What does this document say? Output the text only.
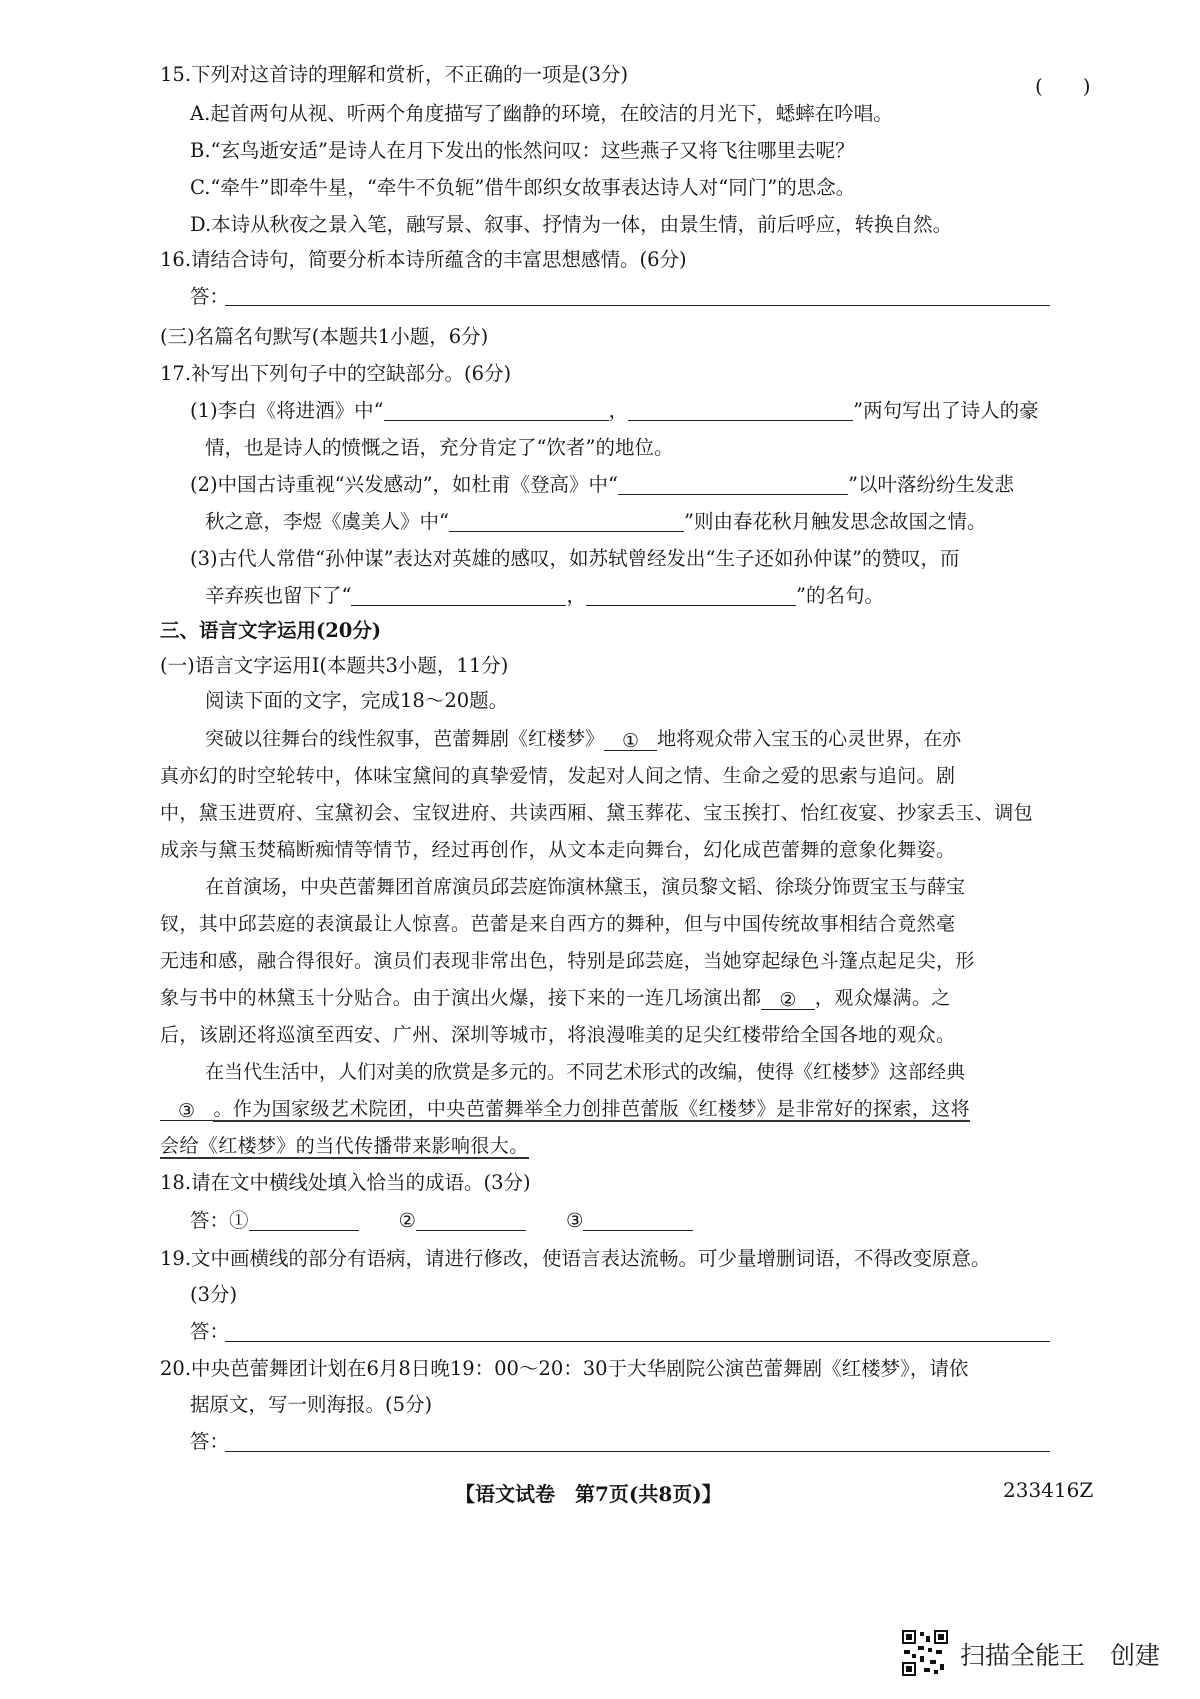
15.下列对这首诗的理解和赏析，不正确的一项是(3分)	(　　)
A.起首两句从视、听两个角度描写了幽静的环境，在皎洁的月光下，蟋蟀在吟唱。
B.“玄鸟逝安适”是诗人在月下发出的怅然问叹：这些燕子又将飞往哪里去呢？
C.“牵牛”即牵牛星，“牵牛不负轭”借牛郎织女故事表达诗人对“同门”的思念。
D.本诗从秋夜之景入笔，融写景、叙事、抒情为一体，由景生情，前后呼应，转换自然。
16.请结合诗句，简要分析本诗所蕴含的丰富思想感情。(6分)
答：
(三)名篇名句默写(本题共1小题，6分)
17.补写出下列句子中的空缺部分。(6分)
(1)李白《将进酒》中“	，	”两句写出了诗人的豪
情，也是诗人的愤慨之语，充分肯定了“饮者”的地位。
(2)中国古诗重视“兴发感动”，如杜甫《登高》中“	”以叶落纷纷生发悲
秋之意，李煜《虞美人》中“	”则由春花秋月触发思念故国之情。
(3)古代人常借“孙仲谋”表达对英雄的感叹，如苏轼曾经发出“生子还如孙仲谋”的赞叹，而
辛弃疾也留下了“	，	”的名句。
三、语言文字运用(20分)
(一)语言文字运用Ⅰ(本题共3小题，11分)
阅读下面的文字，完成18～20题。
突破以往舞台的线性叙事，芭蕾舞剧《红楼梦》 ① 地将观众带入宝玉的心灵世界，在亦
真亦幻的时空轮转中，体味宝黛间的真挚爱情，发起对人间之情、生命之爱的思索与追问。剧
中，黛玉进贾府、宝黛初会、宝钗进府、共读西厢、黛玉葬花、宝玉挨打、怡红夜宴、抄家丢玉、调包
成亲与黛玉焚稿断痴情等情节，经过再创作，从文本走向舞台，幻化成芭蕾舞的意象化舞姿。
在首演场，中央芭蕾舞团首席演员邱芸庭饰演林黛玉，演员黎文韬、徐琰分饰贾宝玉与薛宝
钗，其中邱芸庭的表演最让人惊喜。芭蕾是来自西方的舞种，但与中国传统故事相结合竟然毫
无违和感，融合得很好。演员们表现非常出色，特别是邱芸庭，当她穿起绿色斗篷点起足尖，形
象与书中的林黛玉十分贴合。由于演出火爆，接下来的一连几场演出都 ② ，观众爆满。之
后，该剧还将巡演至西安、广州、深圳等城市，将浪漫唯美的足尖红楼带给全国各地的观众。
在当代生活中，人们对美的欣赏是多元的。不同艺术形式的改编，使得《红楼梦》这部经典
③ 。作为国家级艺术院团，中央芭蕾舞举全力创排芭蕾版《红楼梦》是非常好的探索，这将
会给《红楼梦》的当代传播带来影响很大。
18.请在文中横线处填入恰当的成语。(3分)
答：①	②	③
19.文中画横线的部分有语病，请进行修改，使语言表达流畅。可少量增删词语，不得改变原意。
(3分)
答：
20.中央芭蕾舞团计划在6月8日晚19：00～20：30于大华剧院公演芭蕾舞剧《红楼梦》，请依
据原文，写一则海报。(5分)
答：
【语文试卷　第7页(共8页)】	233416Z
扫描全能王　创建
